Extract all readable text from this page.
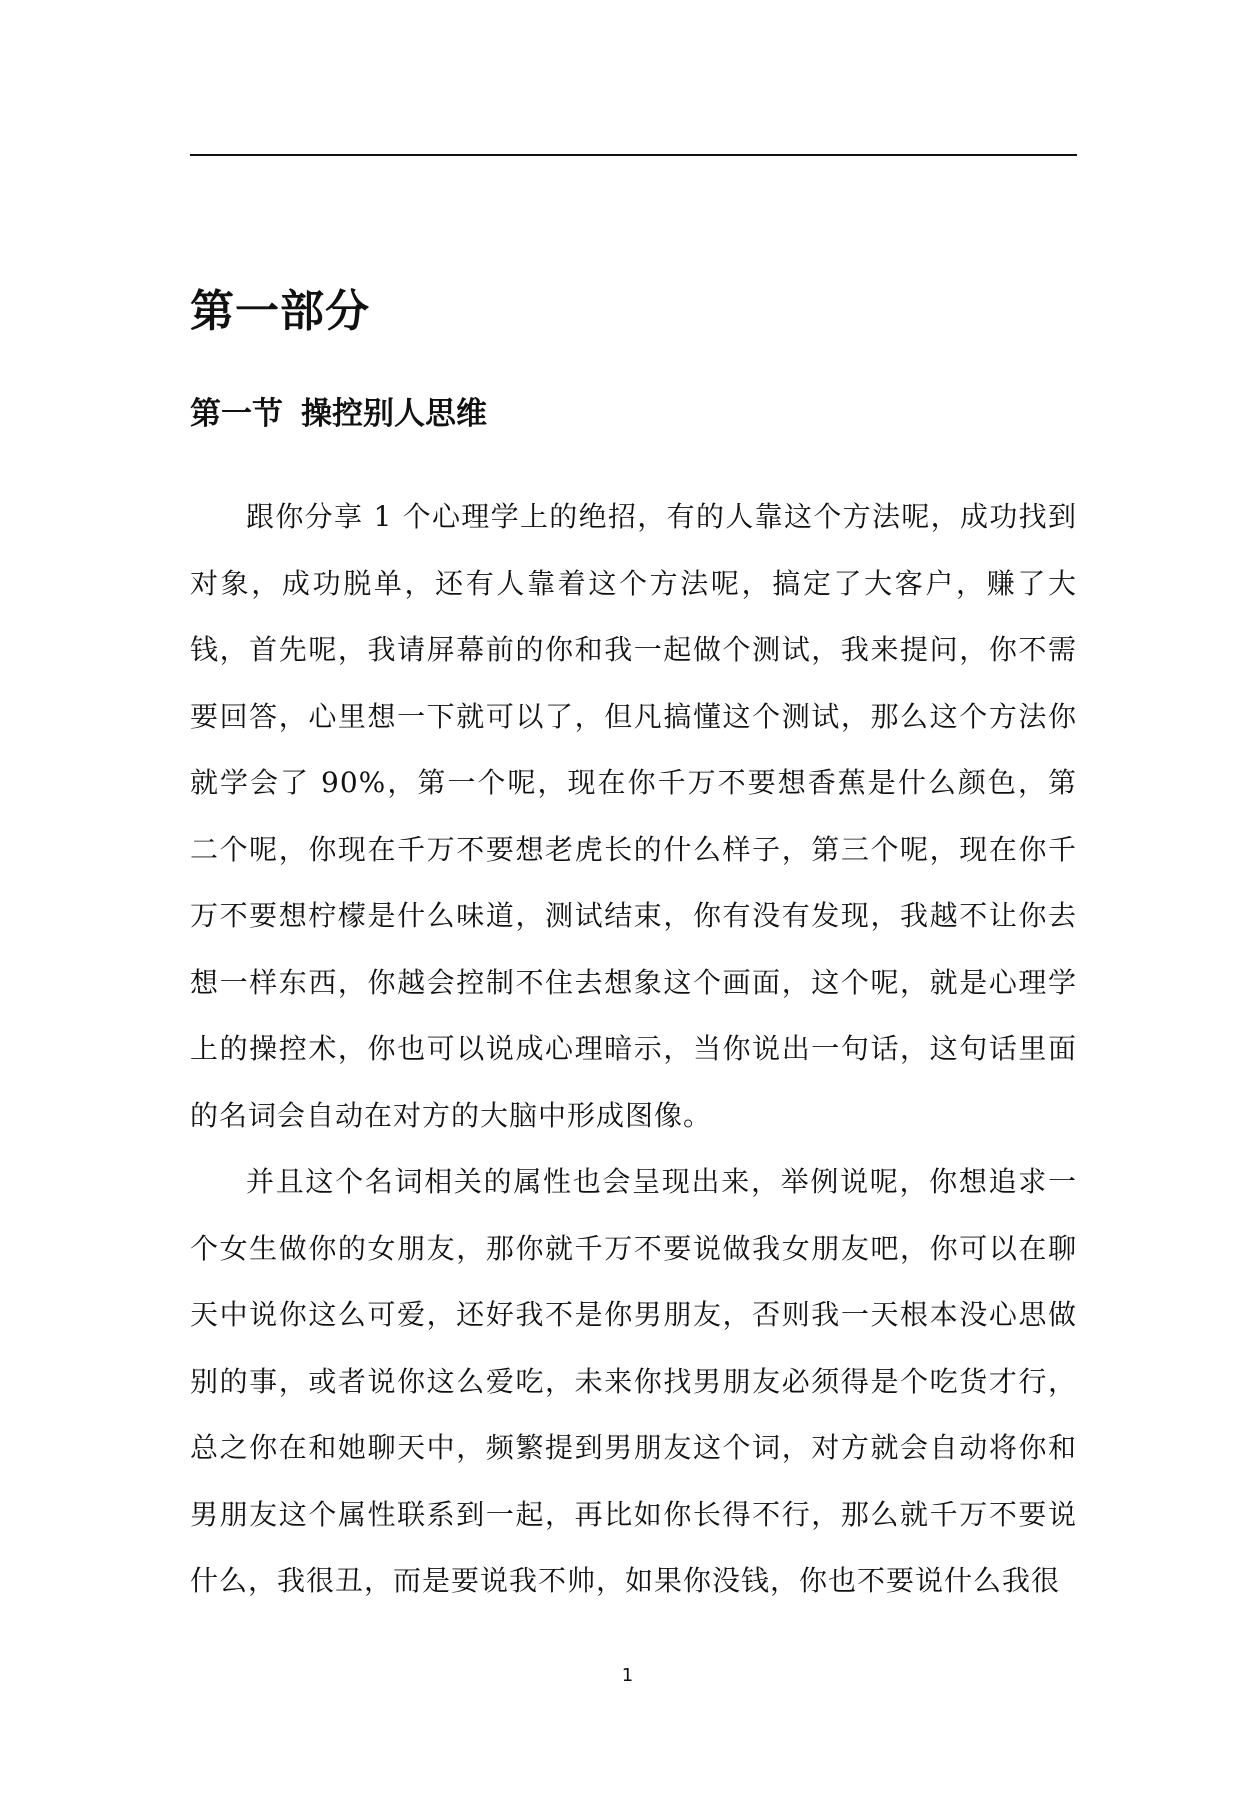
第一部分
第一节 操控别人思维

跟你分享 1 个心理学上的绝招，有的人靠这个方法呢，成功找到对象，成功脱单，还有人靠着这个方法呢，搞定了大客户，赚了大钱，首先呢，我请屏幕前的你和我一起做个测试，我来提问，你不需要回答，心里想一下就可以了，但凡搞懂这个测试，那么这个方法你就学会了 90%，第一个呢，现在你千万不要想香蕉是什么颜色，第二个呢，你现在千万不要想老虎长的什么样子，第三个呢，现在你千万不要想柠檬是什么味道，测试结束，你有没有发现，我越不让你去想一样东西，你越会控制不住去想象这个画面，这个呢，就是心理学上的操控术，你也可以说成心理暗示，当你说出一句话，这句话里面的名词会自动在对方的大脑中形成图像。

并且这个名词相关的属性也会呈现出来，举例说呢，你想追求一个女生做你的女朋友，那你就千万不要说做我女朋友吧，你可以在聊天中说你这么可爱，还好我不是你男朋友，否则我一天根本没心思做别的事，或者说你这么爱吃，未来你找男朋友必须得是个吃货才行，总之你在和她聊天中，频繁提到男朋友这个词，对方就会自动将你和男朋友这个属性联系到一起，再比如你长得不行，那么就千万不要说什么，我很丑，而是要说我不帅，如果你没钱，你也不要说什么我很

1
